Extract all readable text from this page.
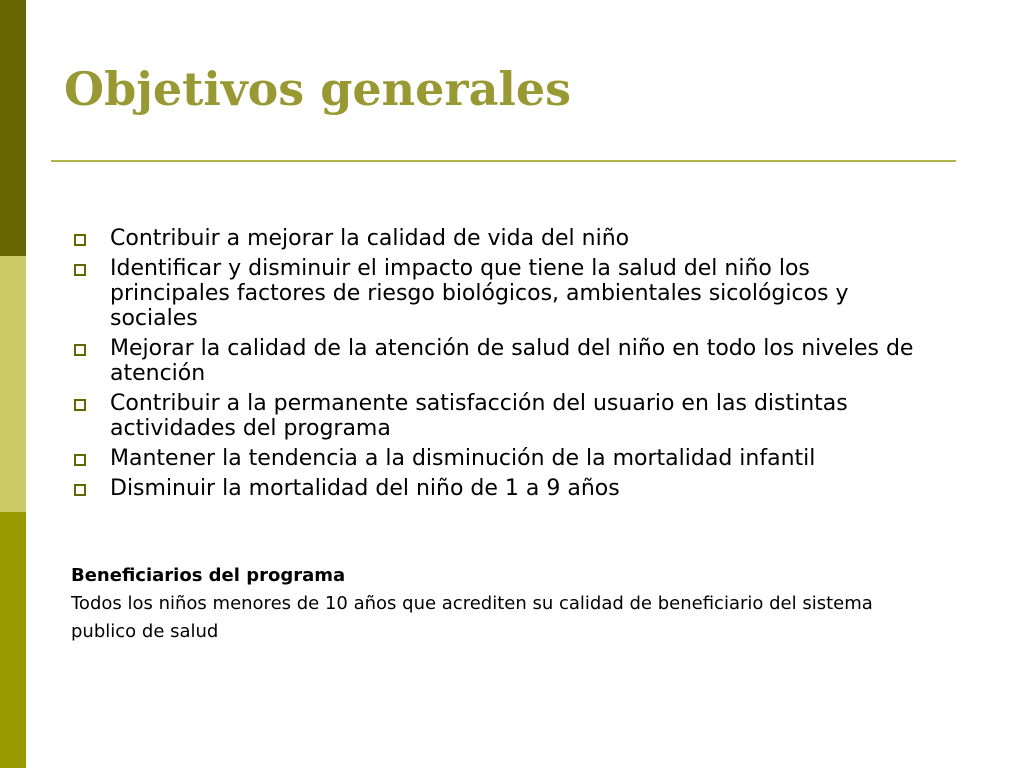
Objetivos generales
Contribuir a mejorar la calidad de vida del niño
Identificar y disminuir el impacto que tiene la salud del niño los principales factores de riesgo biológicos, ambientales sicológicos y sociales
Mejorar la calidad de la atención de salud del niño en todo los niveles de atención
Contribuir a la permanente satisfacción del usuario en las distintas actividades del programa
Mantener la tendencia a la disminución de la mortalidad infantil
Disminuir la mortalidad del niño de 1 a 9 años
Beneficiarios del programa
Todos los niños menores de 10 años que acrediten su calidad de beneficiario del sistema publico de salud
